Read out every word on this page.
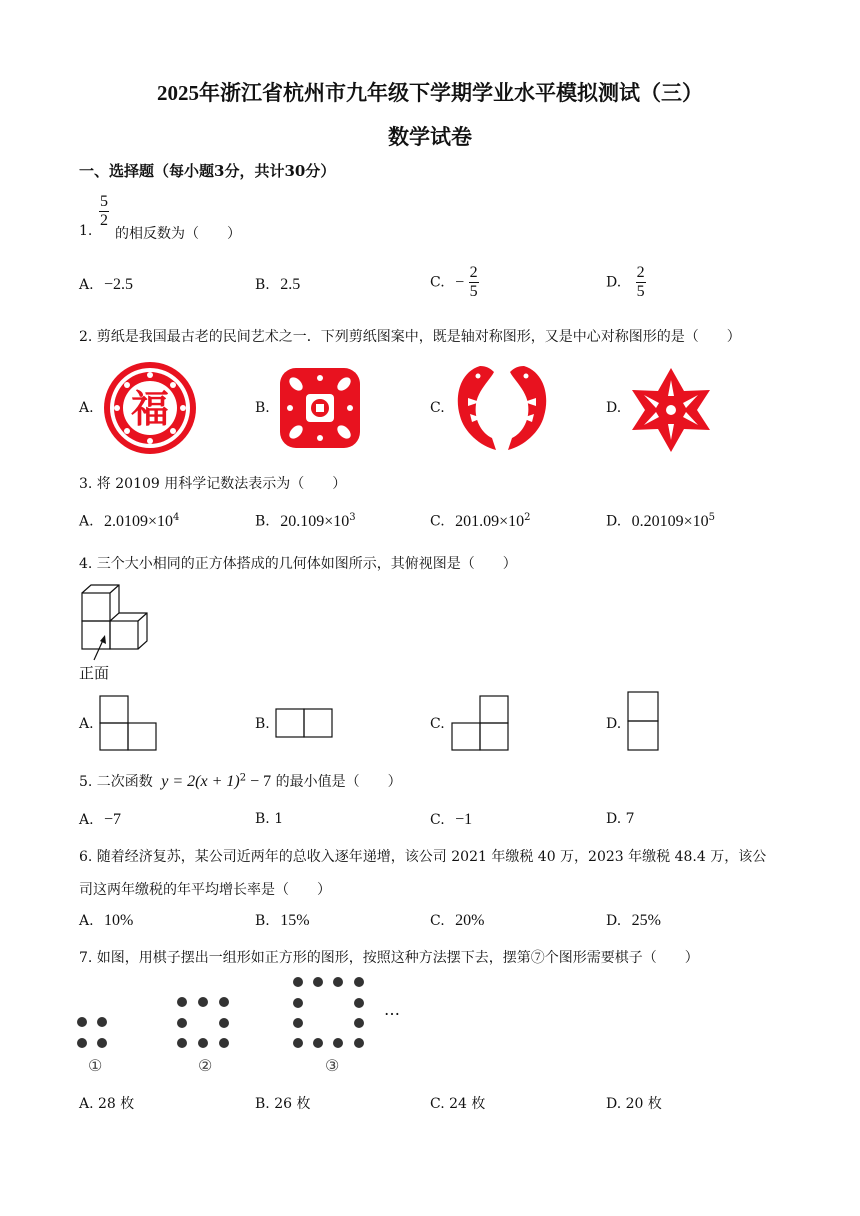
2025年浙江省杭州市九年级下学期学业水平模拟测试（三）
数学试卷
一、选择题（每小题3分，共计30分）
1.
$\frac{5}{2}$
的相反数为（　　）
A. −2.5	B. 2.5	C. − $\frac{2}{5}$	D. $\frac{2}{5}$
2. 剪纸是我国最古老的民间艺术之一．下列剪纸图案中，既是轴对称图形，又是中心对称图形的是（　　）
A. 福	B.	C.	D.
3. 将 20109 用科学记数法表示为（　　）
A. $2.0109\times 10^4$	B. $20.109\times 10^3$	C. $201.09\times 10^2$	D. $0.20109\times 10^5$
4. 三个大小相同的正方体搭成的几何体如图所示，其俯视图是（　　）
正面
A.	B.	C.	D.
5. 二次函数 $y = 2(x + 1)^2 - 7$ 的最小值是（　　）
A. −7	B. 1	C. −1	D. 7
6. 随着经济复苏，某公司近两年的总收入逐年递增，该公司 2021 年缴税 40 万，2023 年缴税 48.4 万，该公
司这两年缴税的年平均增长率是（　　）
A. 10%	B. 15%	C. 20%	D. 25%
7. 如图，用棋子摆出一组形如正方形的图形，按照这种方法摆下去，摆第⑦个图形需要棋子（　　）
①	②
…
③
A. 28 枚	B. 26 枚	C. 24 枚	D. 20 枚
